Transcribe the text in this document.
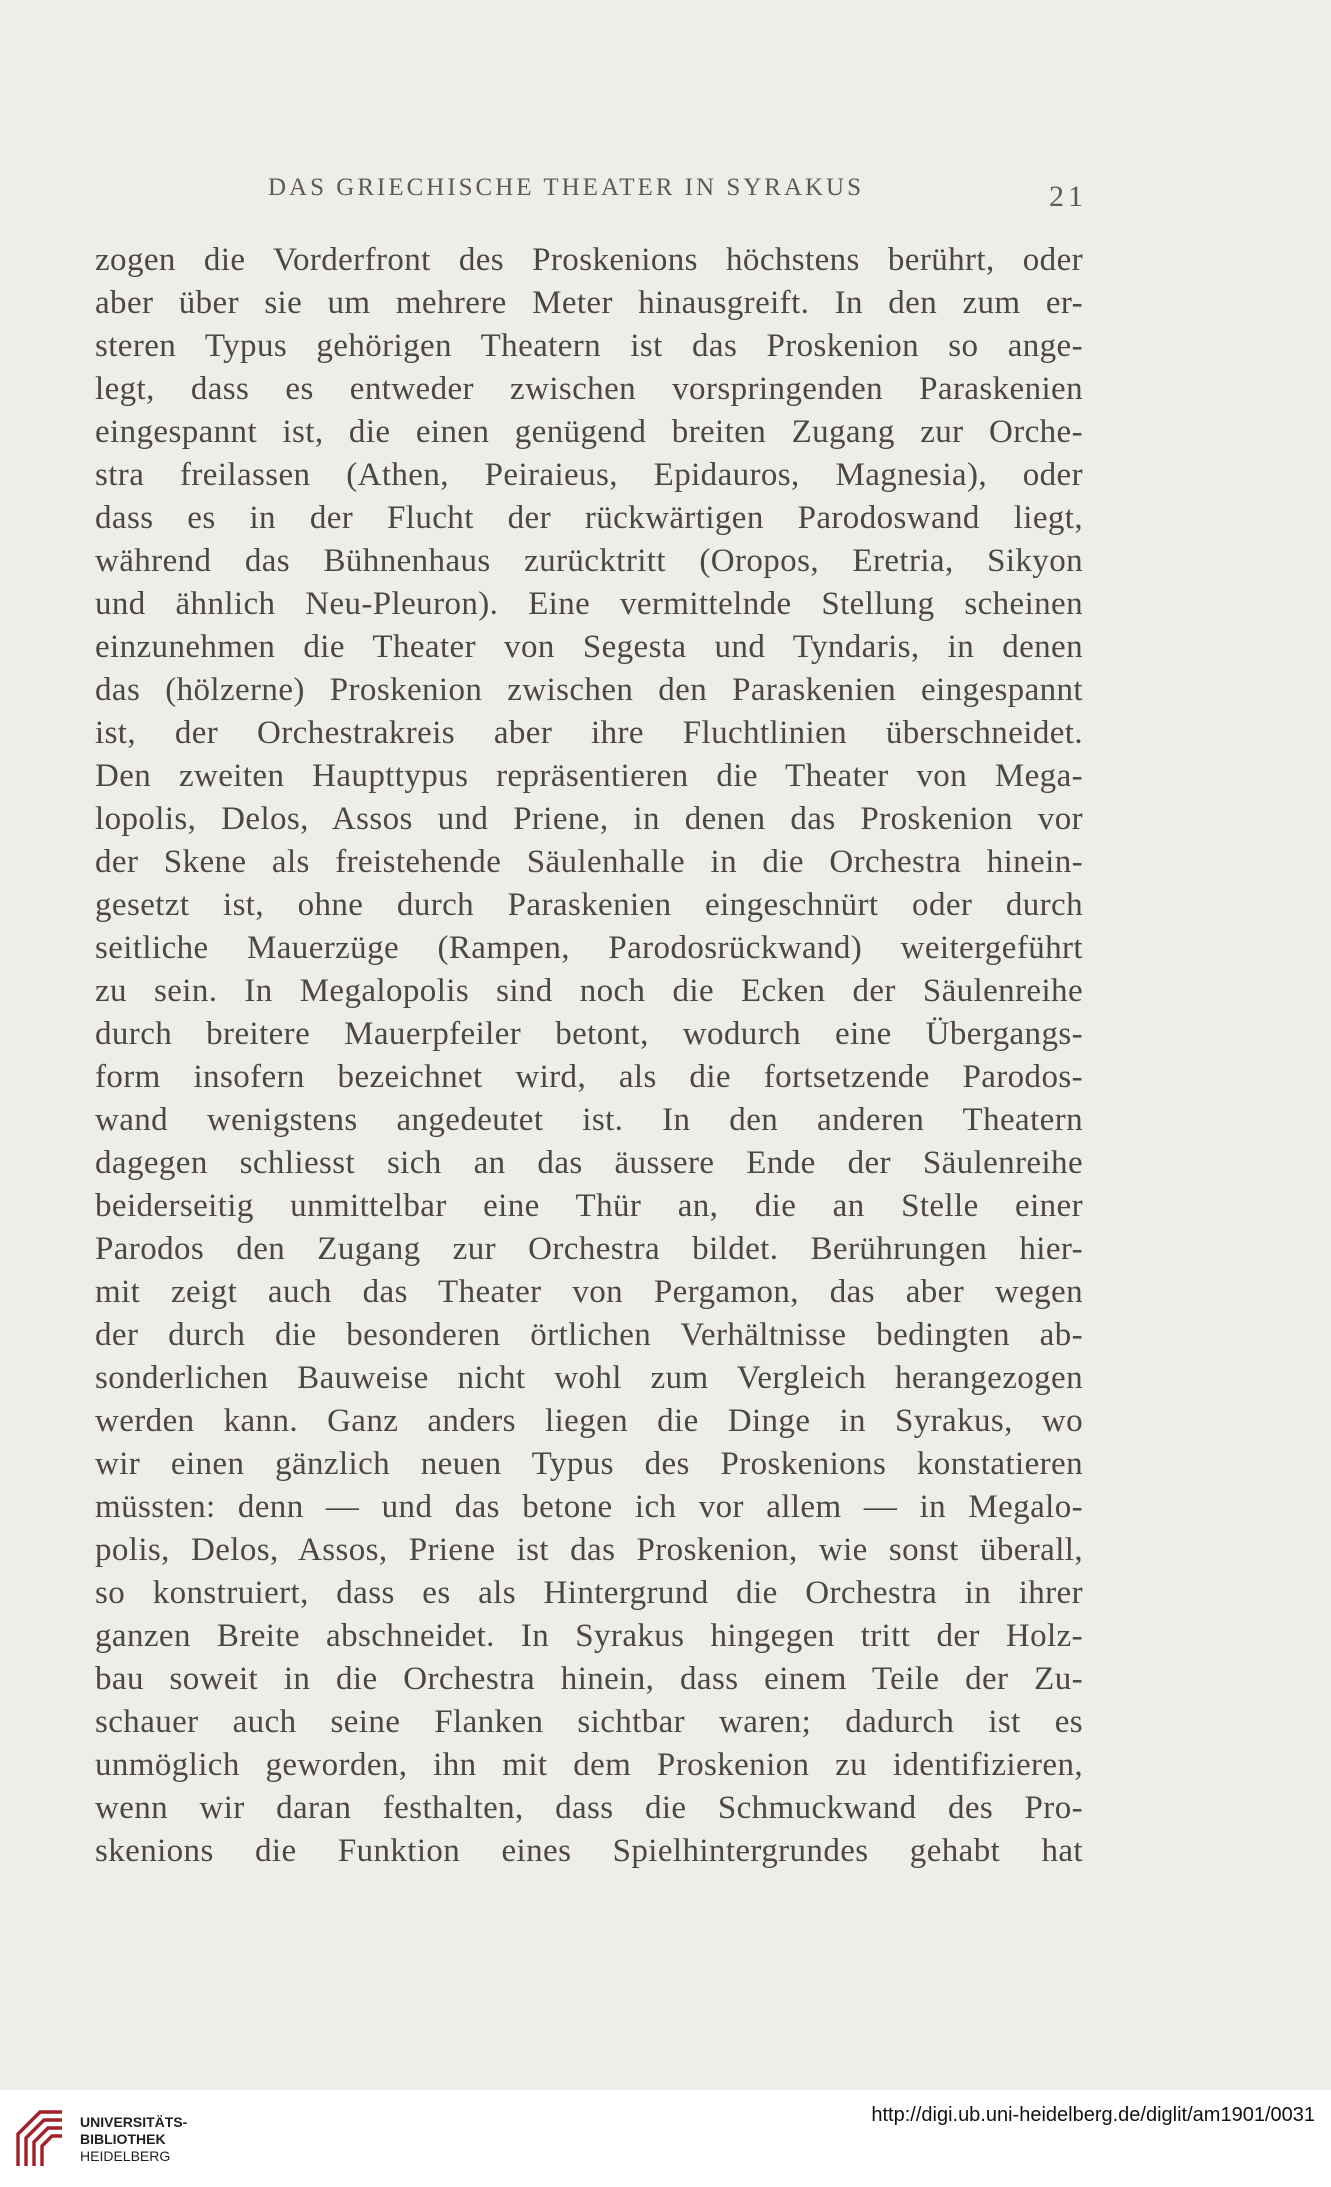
DAS GRIECHISCHE THEATER IN SYRAKUS	21
zogen die Vorderfront des Proskenions höchstens berührt, oder
aber über sie um mehrere Meter hinausgreift. In den zum er-
steren Typus gehörigen Theatern ist das Proskenion so ange-
legt, dass es entweder zwischen vorspringenden Paraskenien
eingespannt ist, die einen genügend breiten Zugang zur Orche-
stra freilassen (Athen, Peiraieus, Epidauros, Magnesia), oder
dass es in der Flucht der rückwärtigen Parodoswand liegt,
während das Bühnenhaus zurücktritt (Oropos, Eretria, Sikyon
und ähnlich Neu-Pleuron). Eine vermittelnde Stellung scheinen
einzunehmen die Theater von Segesta und Tyndaris, in denen
das (hölzerne) Proskenion zwischen den Paraskenien eingespannt
ist, der Orchestrakreis aber ihre Fluchtlinien überschneidet.
Den zweiten Haupttypus repräsentieren die Theater von Mega-
lopolis, Delos, Assos und Priene, in denen das Proskenion vor
der Skene als freistehende Säulenhalle in die Orchestra hinein-
gesetzt ist, ohne durch Paraskenien eingeschnürt oder durch
seitliche Mauerzüge (Rampen, Parodosrückwand) weitergeführt
zu sein. In Megalopolis sind noch die Ecken der Säulenreihe
durch breitere Mauerpfeiler betont, wodurch eine Übergangs-
form insofern bezeichnet wird, als die fortsetzende Parodos-
wand wenigstens angedeutet ist. In den anderen Theatern
dagegen schliesst sich an das äussere Ende der Säulenreihe
beiderseitig unmittelbar eine Thür an, die an Stelle einer
Parodos den Zugang zur Orchestra bildet. Berührungen hier-
mit zeigt auch das Theater von Pergamon, das aber wegen
der durch die besonderen örtlichen Verhältnisse bedingten ab-
sonderlichen Bauweise nicht wohl zum Vergleich herangezogen
werden kann. Ganz anders liegen die Dinge in Syrakus, wo
wir einen gänzlich neuen Typus des Proskenions konstatieren
müssten: denn — und das betone ich vor allem — in Megalo-
polis, Delos, Assos, Priene ist das Proskenion, wie sonst überall,
so konstruiert, dass es als Hintergrund die Orchestra in ihrer
ganzen Breite abschneidet. In Syrakus hingegen tritt der Holz-
bau soweit in die Orchestra hinein, dass einem Teile der Zu-
schauer auch seine Flanken sichtbar waren; dadurch ist es
unmöglich geworden, ihn mit dem Proskenion zu identifizieren,
wenn wir daran festhalten, dass die Schmuckwand des Pro-
skenions die Funktion eines Spielhintergrundes gehabt hat
UNIVERSITÄTS-
BIBLIOTHEK
HEIDELBERG
http://digi.ub.uni-heidelberg.de/diglit/am1901/0031
